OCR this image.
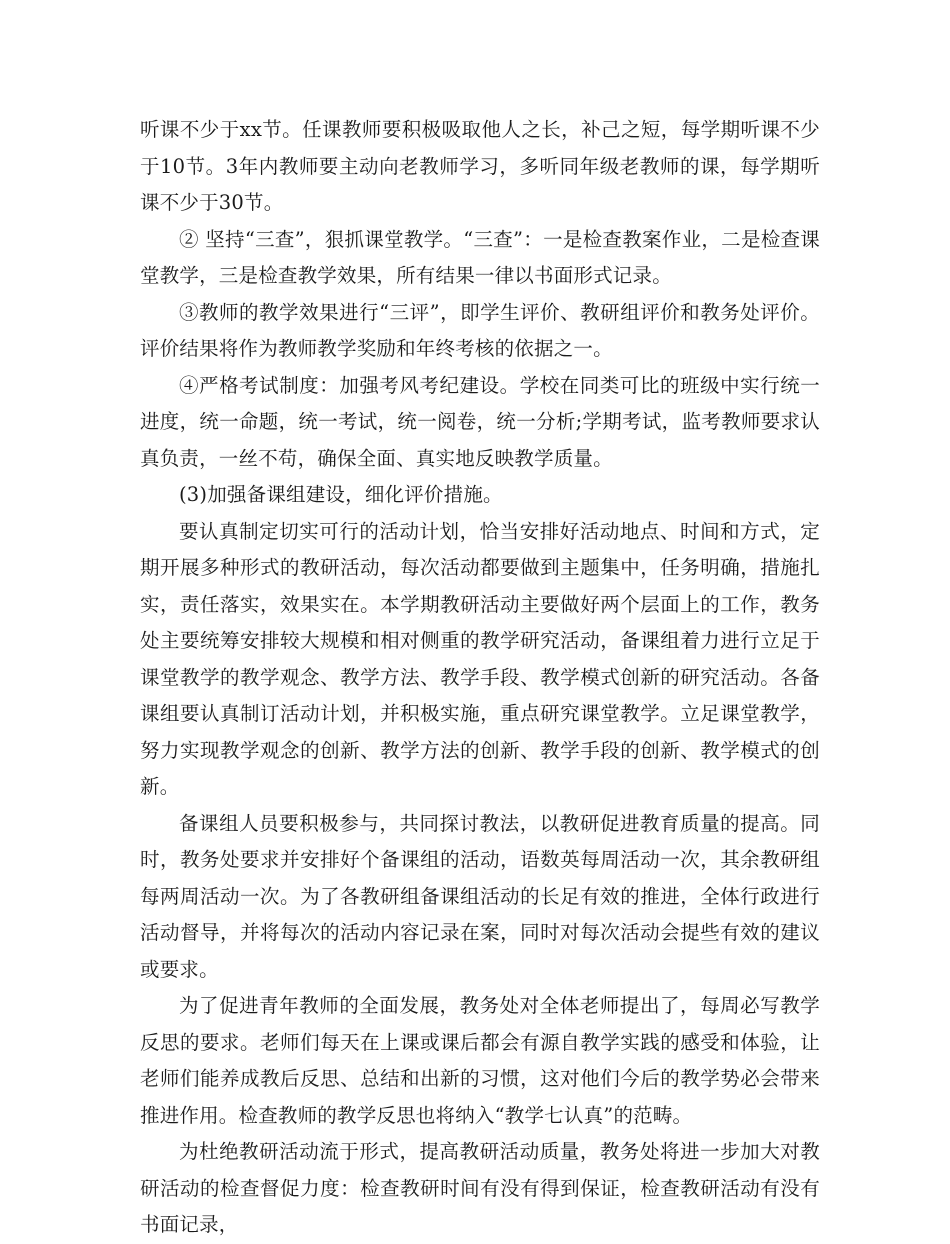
听课不少于xx节。任课教师要积极吸取他人之长，补己之短，每学期听课不少于10节。3年内教师要主动向老教师学习，多听同年级老教师的课，每学期听课不少于30节。

② 坚持“三查”，狠抓课堂教学。“三查”：一是检查教案作业，二是检查课堂教学，三是检查教学效果，所有结果一律以书面形式记录。

③教师的教学效果进行“三评”，即学生评价、教研组评价和教务处评价。评价结果将作为教师教学奖励和年终考核的依据之一。

④严格考试制度：加强考风考纪建设。学校在同类可比的班级中实行统一进度，统一命题，统一考试，统一阅卷，统一分析;学期考试，监考教师要求认真负责，一丝不苟，确保全面、真实地反映教学质量。

(3)加强备课组建设，细化评价措施。

要认真制定切实可行的活动计划，恰当安排好活动地点、时间和方式，定期开展多种形式的教研活动，每次活动都要做到主题集中，任务明确，措施扎实，责任落实，效果实在。本学期教研活动主要做好两个层面上的工作，教务处主要统筹安排较大规模和相对侧重的教学研究活动，备课组着力进行立足于课堂教学的教学观念、教学方法、教学手段、教学模式创新的研究活动。各备课组要认真制订活动计划，并积极实施，重点研究课堂教学。立足课堂教学，努力实现教学观念的创新、教学方法的创新、教学手段的创新、教学模式的创新。

备课组人员要积极参与，共同探讨教法，以教研促进教育质量的提高。同时，教务处要求并安排好个备课组的活动，语数英每周活动一次，其余教研组每两周活动一次。为了各教研组备课组活动的长足有效的推进，全体行政进行活动督导，并将每次的活动内容记录在案，同时对每次活动会提些有效的建议或要求。

为了促进青年教师的全面发展，教务处对全体老师提出了，每周必写教学反思的要求。老师们每天在上课或课后都会有源自教学实践的感受和体验，让老师们能养成教后反思、总结和出新的习惯，这对他们今后的教学势必会带来推进作用。检查教师的教学反思也将纳入“教学七认真”的范畴。

为杜绝教研活动流于形式，提高教研活动质量，教务处将进一步加大对教研活动的检查督促力度：检查教研时间有没有得到保证，检查教研活动有没有书面记录，
